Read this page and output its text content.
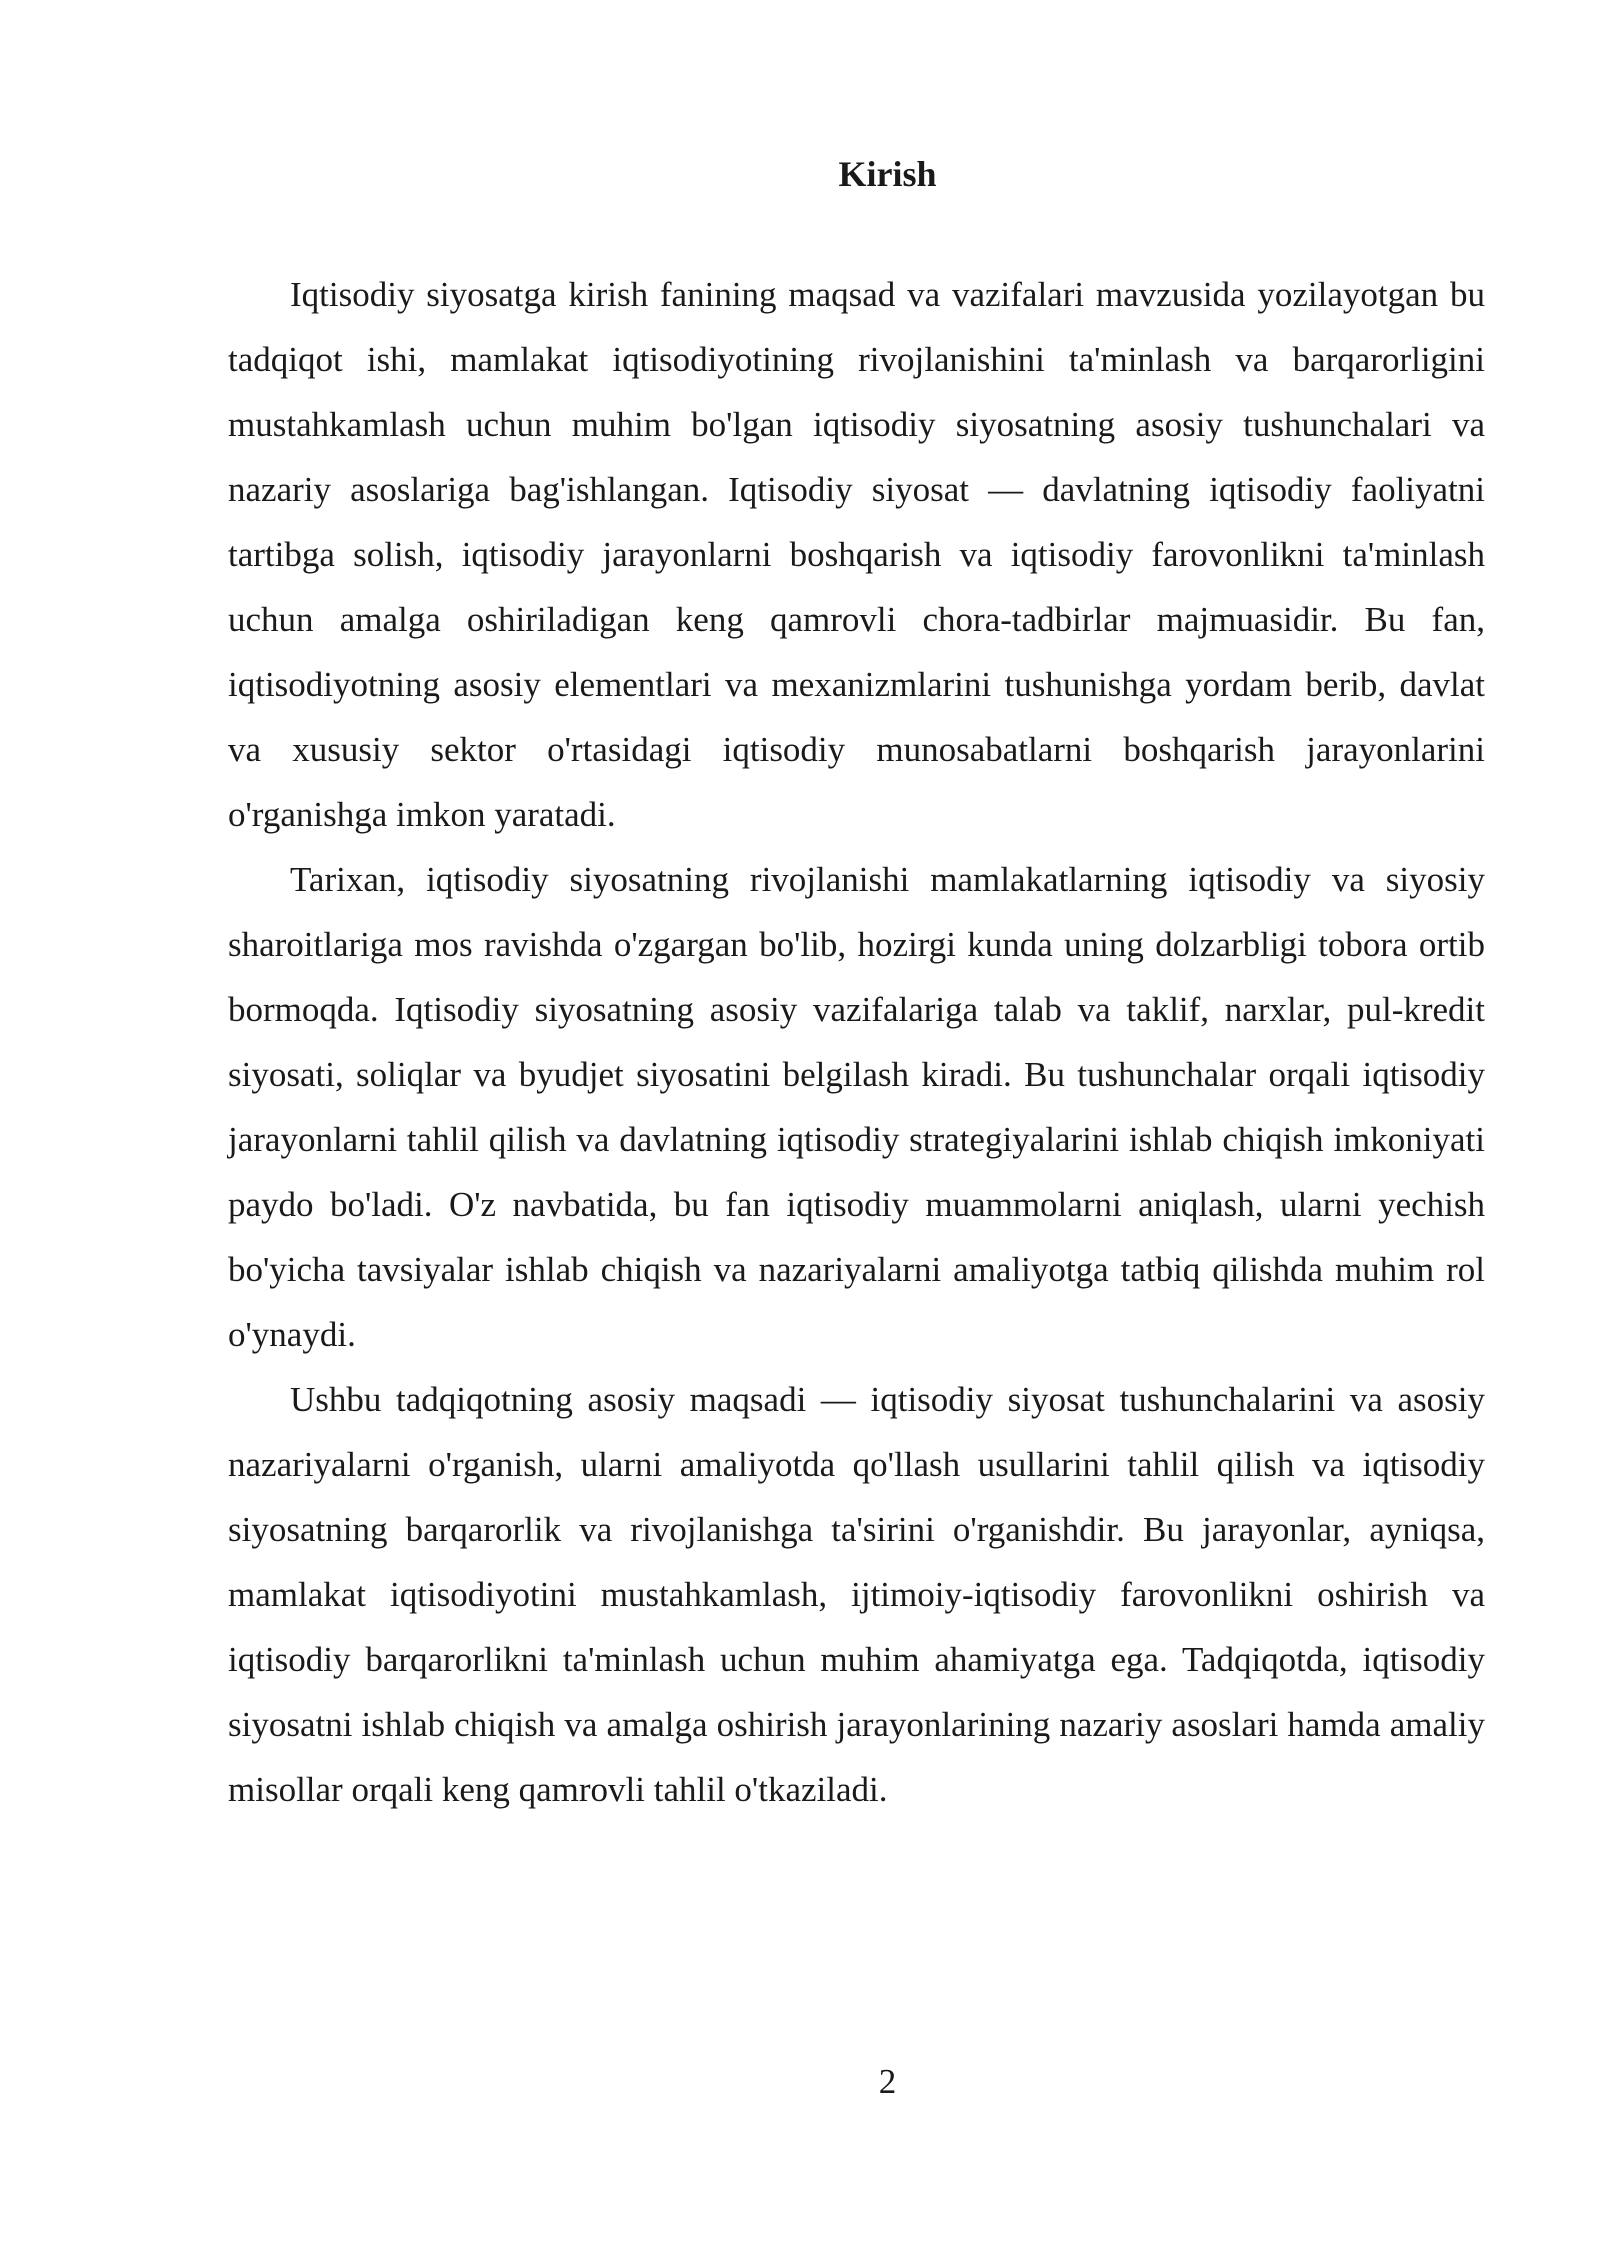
Kirish

Iqtisodiy siyosatga kirish fanining maqsad va vazifalari mavzusida yozilayotgan bu tadqiqot ishi, mamlakat iqtisodiyotining rivojlanishini ta'minlash va barqarorligini mustahkamlash uchun muhim bo'lgan iqtisodiy siyosatning asosiy tushunchalari va nazariy asoslariga bag'ishlangan. Iqtisodiy siyosat — davlatning iqtisodiy faoliyatni tartibga solish, iqtisodiy jarayonlarni boshqarish va iqtisodiy farovonlikni ta'minlash uchun amalga oshiriladigan keng qamrovli chora-tadbirlar majmuasidir. Bu fan, iqtisodiyotning asosiy elementlari va mexanizmlarini tushunishga yordam berib, davlat va xususiy sektor o'rtasidagi iqtisodiy munosabatlarni boshqarish jarayonlarini o'rganishga imkon yaratadi.

Tarixan, iqtisodiy siyosatning rivojlanishi mamlakatlarning iqtisodiy va siyosiy sharoitlariga mos ravishda o'zgargan bo'lib, hozirgi kunda uning dolzarbligi tobora ortib bormoqda. Iqtisodiy siyosatning asosiy vazifalariga talab va taklif, narxlar, pul-kredit siyosati, soliqlar va byudjet siyosatini belgilash kiradi. Bu tushunchalar orqali iqtisodiy jarayonlarni tahlil qilish va davlatning iqtisodiy strategiyalarini ishlab chiqish imkoniyati paydo bo'ladi. O'z navbatida, bu fan iqtisodiy muammolarni aniqlash, ularni yechish bo'yicha tavsiyalar ishlab chiqish va nazariyalarni amaliyotga tatbiq qilishda muhim rol o'ynaydi.

Ushbu tadqiqotning asosiy maqsadi — iqtisodiy siyosat tushunchalarini va asosiy nazariyalarni o'rganish, ularni amaliyotda qo'llash usullarini tahlil qilish va iqtisodiy siyosatning barqarorlik va rivojlanishga ta'sirini o'rganishdir. Bu jarayonlar, ayniqsa, mamlakat iqtisodiyotini mustahkamlash, ijtimoiy-iqtisodiy farovonlikni oshirish va iqtisodiy barqarorlikni ta'minlash uchun muhim ahamiyatga ega. Tadqiqotda, iqtisodiy siyosatni ishlab chiqish va amalga oshirish jarayonlarining nazariy asoslari hamda amaliy misollar orqali keng qamrovli tahlil o'tkaziladi.

2
